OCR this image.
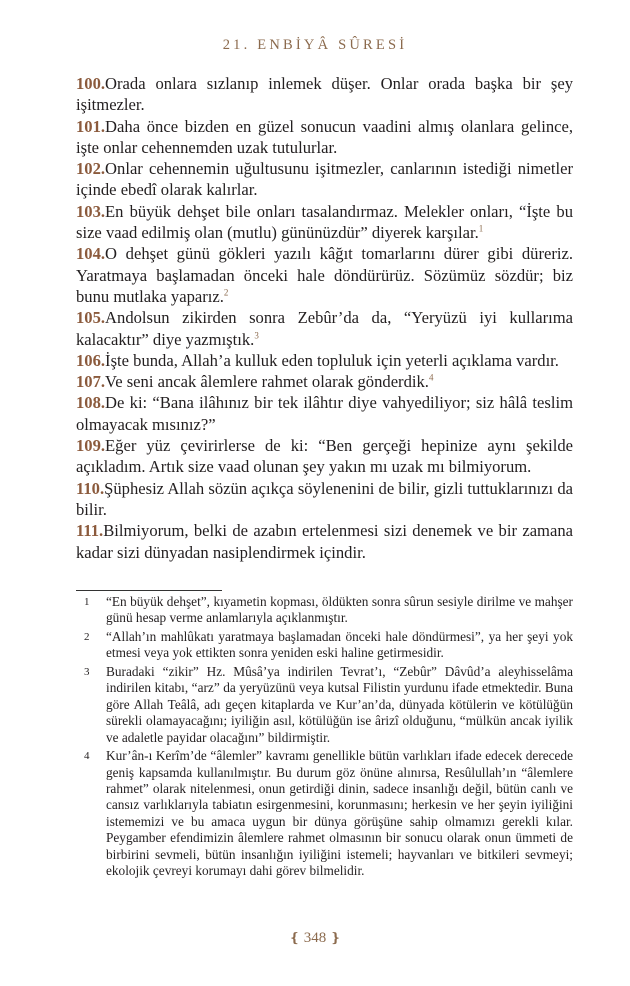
21. ENBİYÂ SÛRESİ

100.Orada onlara sızlanıp inlemek düşer. Onlar orada başka bir şey işitmezler.

101.Daha önce bizden en güzel sonucun vaadini almış olanlara gelince, işte onlar cehennemden uzak tutulurlar.

102.Onlar cehennemin uğultusunu işitmezler, canlarının istediği nimetler içinde ebedî olarak kalırlar.

103.En büyük dehşet bile onları tasalandırmaz. Melekler onları, “İşte bu size vaad edilmiş olan (mutlu) gününüzdür” diyerek karşılar.$^1$

104.O dehşet günü gökleri yazılı kâğıt tomarlarını dürer gibi düreriz. Yaratmaya başlamadan önceki hale döndürürüz. Sözümüz sözdür; biz bunu mutlaka yaparız.$^2$

105.Andolsun zikirden sonra Zebûr’da da, “Yeryüzü iyi kullarıma kalacaktır” diye yazmıştık.$^3$

106.İşte bunda, Allah’a kulluk eden topluluk için yeterli açıklama vardır.

107.Ve seni ancak âlemlere rahmet olarak gönderdik.$^4$

108.De ki: “Bana ilâhınız bir tek ilâhtır diye vahyediliyor; siz hâlâ teslim olmayacak mısınız?”

109.Eğer yüz çevirirlerse de ki: “Ben gerçeği hepinize aynı şekilde açıkladım. Artık size vaad olunan şey yakın mı uzak mı bilmiyorum.

110.Şüphesiz Allah sözün açıkça söylenenini de bilir, gizli tuttuklarınızı da bilir.

111.Bilmiyorum, belki de azabın ertelenmesi sizi denemek ve bir zamana kadar sizi dünyadan nasiplendirmek içindir.

1 “En büyük dehşet”, kıyametin kopması, öldükten sonra sûrun sesiyle dirilme ve mahşer günü hesap verme anlamlarıyla açıklanmıştır.

2 “Allah’ın mahlûkatı yaratmaya başlamadan önceki hale döndürmesi”, ya her şeyi yok etmesi veya yok ettikten sonra yeniden eski haline getirmesidir.

3 Buradaki “zikir” Hz. Mûsâ’ya indirilen Tevrat’ı, “Zebûr” Dâvûd’a aleyhisselâma indirilen kitabı, “arz” da yeryüzünü veya kutsal Filistin yurdunu ifade etmektedir. Buna göre Allah Teâlâ, adı geçen kitaplarda ve Kur’an’da, dünyada kötülerin ve kötülüğün sürekli olamayacağını; iyiliğin asıl, kötülüğün ise ârizî olduğunu, “mülkün ancak iyilik ve adaletle payidar olacağını” bildirmiştir.

4 Kur’ân-ı Kerîm’de “âlemler” kavramı genellikle bütün varlıkları ifade edecek derecede geniş kapsamda kullanılmıştır. Bu durum göz önüne alınırsa, Resûlullah’ın “âlemlere rahmet” olarak nitelenmesi, onun getirdiği dinin, sadece insanlığı değil, bütün canlı ve cansız varlıklarıyla tabiatın esirgenmesini, korunmasını; herkesin ve her şeyin iyiliğini istememizi ve bu amaca uygun bir dünya görüşüne sahip olmamızı gerekli kılar. Peygamber efendimizin âlemlere rahmet olmasının bir sonucu olarak onun ümmeti de birbirini sevmeli, bütün insanlığın iyiliğini istemeli; hayvanları ve bitkileri sevmeyi; ekolojik çevreyi korumayı dahi görev bilmelidir.

❴ 348 ❵
